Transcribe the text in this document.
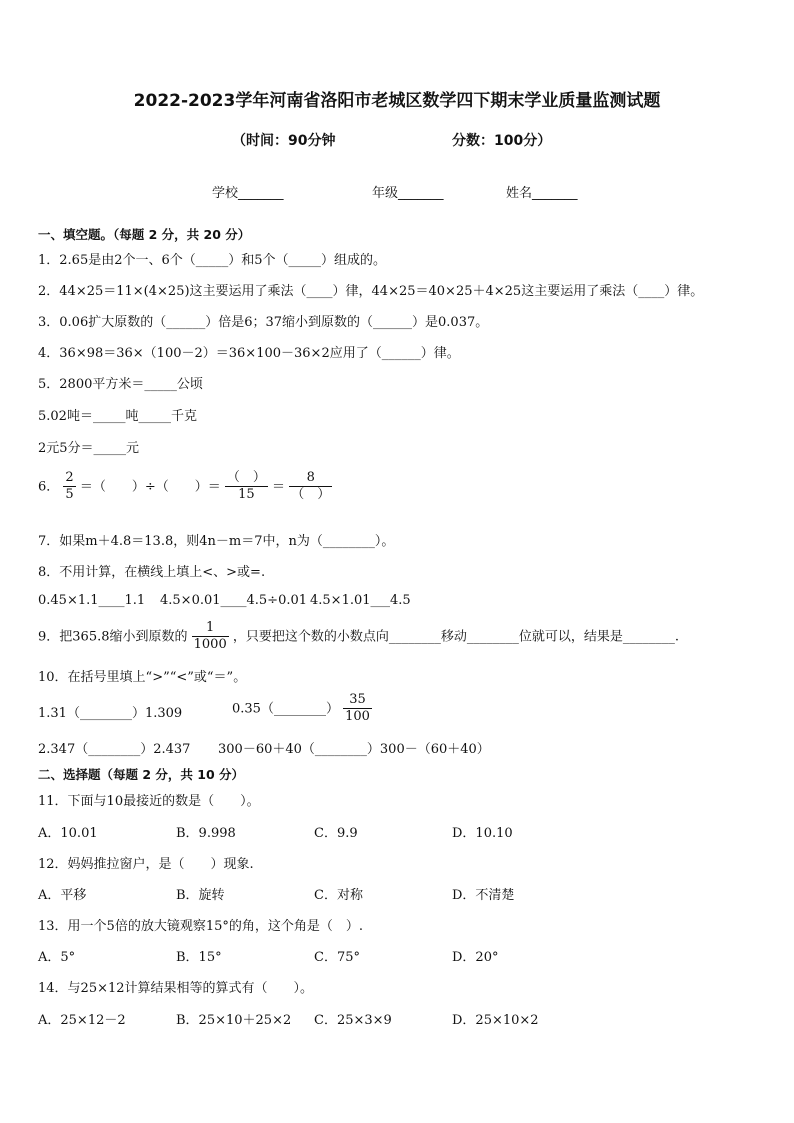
2022-2023学年河南省洛阳市老城区数学四下期末学业质量监测试题
（时间：90分钟	分数：100分）
学校_______	年级_______	姓名_______
一、填空题。（每题 2 分，共 20 分）
1．2.65是由2个一、6个（_____）和5个（_____）组成的。
2．44×25＝11×(4×25)这主要运用了乘法（____）律，44×25＝40×25＋4×25这主要运用了乘法（____）律。
3．0.06扩大原数的（______）倍是6；37缩小到原数的（______）是0.037。
4．36×98＝36×（100－2）＝36×100－36×2应用了（______）律。
5．2800平方米＝_____公顷
5.02吨＝_____吨_____千克
2元5分＝_____元
6． $\frac{2}{5}$ ＝（　　）÷（　　）＝ $\frac{( )}{15} = \frac{8}{( )}$
7．如果m＋4.8＝13.8，则4n－m＝7中，n为（________）。
8．不用计算，在横线上填上<、>或=.
0.45×1.1____1.1 4.5×0.01____4.5÷0.01 4.5×1.01___4.5
9．把365.8缩小到原数的 $\frac{1}{1000}$ ，只要把这个数的小数点向________移动________位就可以，结果是________.
10．在括号里填上“>”“<”或“＝”。
1.31（________）1.309	0.35（________） $\frac{35}{100}$
2.347（________）2.437 300－60＋40（________）300－（60＋40）
二、选择题（每题 2 分，共 10 分）
11．下面与10最接近的数是（　　）。
A．10.01	B．9.998	C．9.9	D．10.10
12．妈妈推拉窗户，是（　　）现象.
A．平移	B．旋转	C．对称	D．不清楚
13．用一个5倍的放大镜观察15°的角，这个角是（　）.
A．5°	B．15°	C．75°	D．20°
14．与25×12计算结果相等的算式有（　　）。
A．25×12－2	B．25×10＋25×2 C．25×3×9	D．25×10×2
